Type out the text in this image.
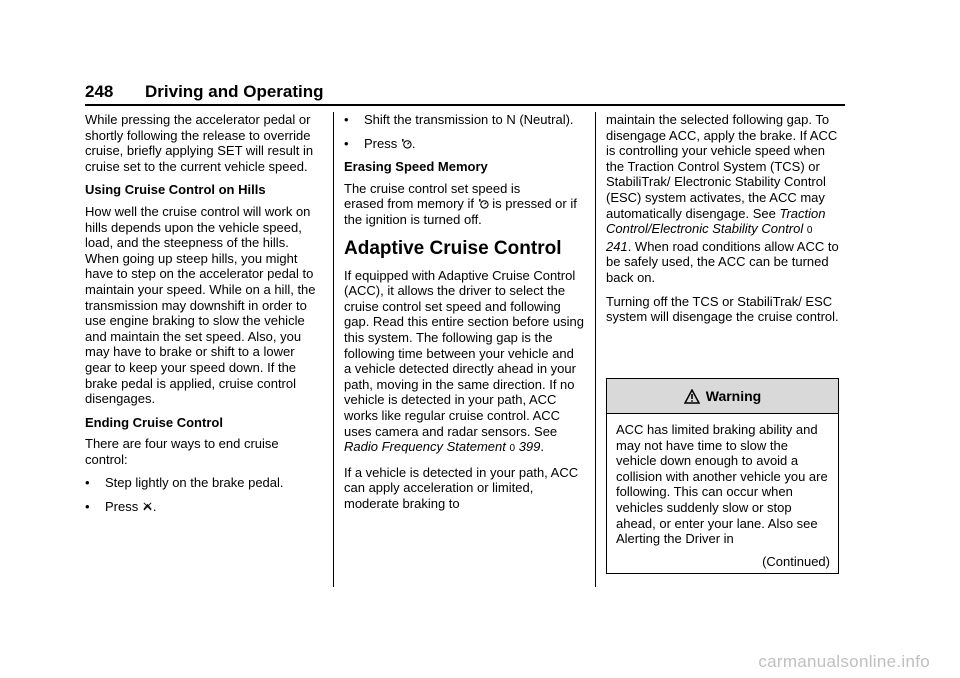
248 Driving and Operating

While pressing the accelerator pedal or shortly following the release to override cruise, briefly applying SET will result in cruise set to the current vehicle speed.

Using Cruise Control on Hills

How well the cruise control will work on hills depends upon the vehicle speed, load, and the steepness of the hills. When going up steep hills, you might have to step on the accelerator pedal to maintain your speed. While on a hill, the transmission may downshift in order to use engine braking to slow the vehicle and maintain the set speed. Also, you may have to brake or shift to a lower gear to keep your speed down. If the brake pedal is applied, cruise control disengages.

Ending Cruise Control

There are four ways to end cruise control:

•	Step lightly on the brake pedal.

•	Press .

•	Shift the transmission to N (Neutral).

•	Press .

Erasing Speed Memory

The cruise control set speed is
erased from memory if is pressed or if the ignition is turned off.

Adaptive Cruise Control

If equipped with Adaptive Cruise Control (ACC), it allows the driver to select the cruise control set speed and following gap. Read this entire section before using this system. The following gap is the following time between your vehicle and a vehicle detected directly ahead in your path, moving in the same direction. If no vehicle is detected in your path, ACC works like regular cruise control. ACC uses camera and radar sensors. See Radio Frequency Statement 0 399.

If a vehicle is detected in your path, ACC can apply acceleration or limited, moderate braking to

maintain the selected following gap. To disengage ACC, apply the brake. If ACC is controlling your vehicle speed when the Traction Control System (TCS) or StabiliTrak/ Electronic Stability Control (ESC) system activates, the ACC may automatically disengage. See Traction Control/Electronic Stability Control 0 241. When road conditions allow ACC to be safely used, the ACC can be turned back on.

Turning off the TCS or StabiliTrak/ ESC system will disengage the cruise control.

Warning
ACC has limited braking ability and may not have time to slow the vehicle down enough to avoid a collision with another vehicle you are following. This can occur when vehicles suddenly slow or stop ahead, or enter your lane. Also see Alerting the Driver in
(Continued)
carmanualsonline.info
